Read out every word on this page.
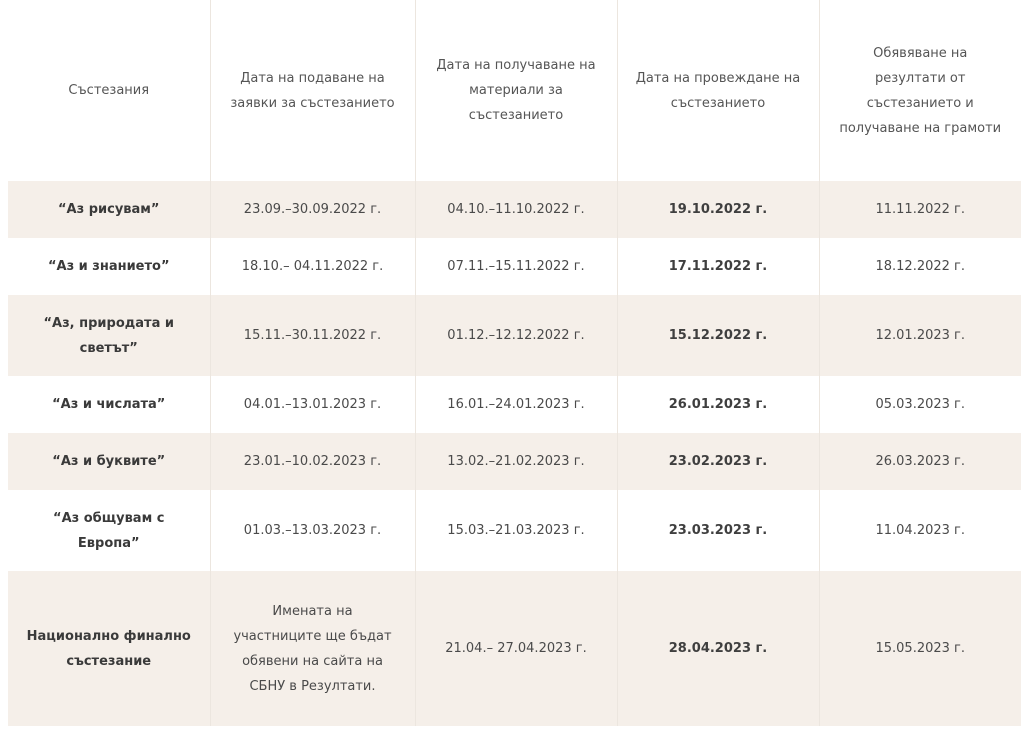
Състезания	Дата на подаване на заявки за състезанието	Дата на получаване на материали за състезанието	Дата на провеждане на състезанието	Обявяване на резултати от състезанието и получаване на грамоти
“Аз рисувам”	23.09.–30.09.2022 г.	04.10.–11.10.2022 г.	19.10.2022 г.	11.11.2022 г.
“Аз и знанието”	18.10.– 04.11.2022 г.	07.11.–15.11.2022 г.	17.11.2022 г.	18.12.2022 г.
“Аз, природата и светът”	15.11.–30.11.2022 г.	01.12.–12.12.2022 г.	15.12.2022 г.	12.01.2023 г.
“Аз и числата”	04.01.–13.01.2023 г.	16.01.–24.01.2023 г.	26.01.2023 г.	05.03.2023 г.
“Аз и буквите”	23.01.–10.02.2023 г.	13.02.–21.02.2023 г.	23.02.2023 г.	26.03.2023 г.
“Аз общувам с Европа”	01.03.–13.03.2023 г.	15.03.–21.03.2023 г.	23.03.2023 г.	11.04.2023 г.
Национално финално състезание	Имената на участниците ще бъдат обявени на сайта на СБНУ в Резултати.	21.04.– 27.04.2023 г.	28.04.2023 г.	15.05.2023 г.
